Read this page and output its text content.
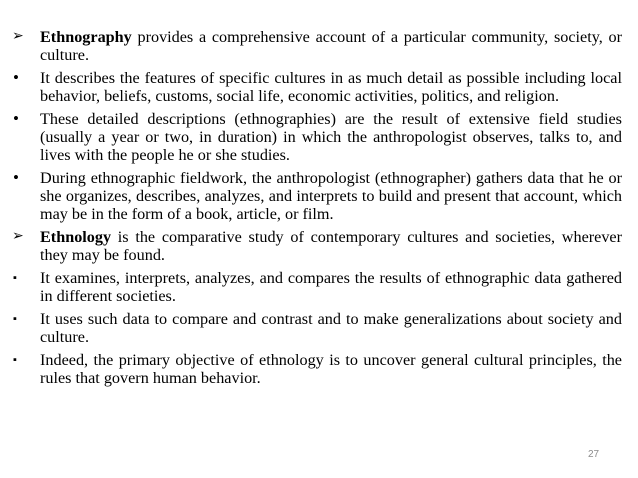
➢	Ethnography provides a comprehensive account of a particular community, society, or culture.
•	It describes the features of specific cultures in as much detail as possible including local behavior, beliefs, customs, social life, economic activities, politics, and religion.
•	These detailed descriptions (ethnographies) are the result of extensive field studies (usually a year or two, in duration) in which the anthropologist observes, talks to, and lives with the people he or she studies.
•	During ethnographic fieldwork, the anthropologist (ethnographer) gathers data that he or she organizes, describes, analyzes, and interprets to build and present that account, which may be in the form of a book, article, or film.
➢	Ethnology is the comparative study of contemporary cultures and societies, wherever they may be found.
▪	It examines, interprets, analyzes, and compares the results of ethnographic data gathered in different societies.
▪	It uses such data to compare and contrast and to make generalizations about society and culture.
▪	Indeed, the primary objective of ethnology is to uncover general cultural principles, the rules that govern human behavior.
27
